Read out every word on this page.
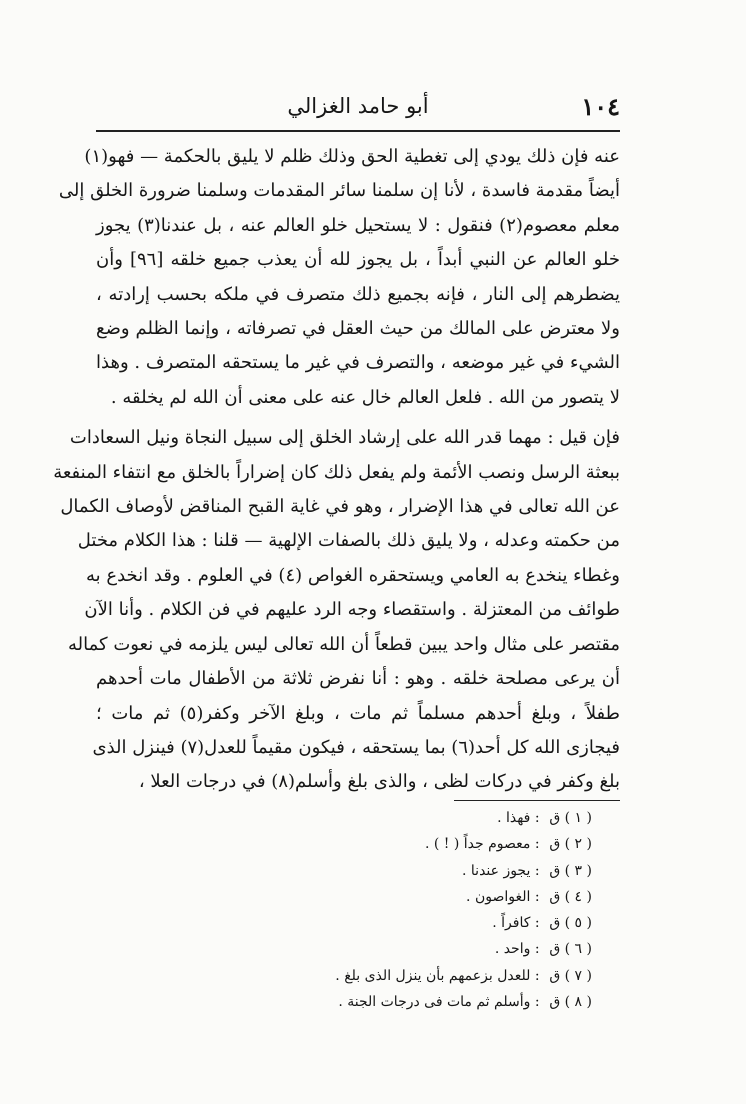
١٠٤
أبو حامد الغزالي

عنه فإن ذلك يودي إلى تغطية الحق وذلك ظلم لا يليق بالحكمة — فهو(١)
أيضاً مقدمة فاسدة ، لأنا إن سلمنا سائر المقدمات وسلمنا ضرورة الخلق إلى
معلم معصوم(٢) فنقول : لا يستحيل خلو العالم عنه ، بل عندنا(٣) يجوز
خلو العالم عن النبي أبداً ، بل يجوز لله أن يعذب جميع خلقه [٩٦] وأن
يضطرهم إلى النار ، فإنه بجميع ذلك متصرف في ملكه بحسب إرادته ،
ولا معترض على المالك من حيث العقل في تصرفاته ، وإنما الظلم وضع
الشيء في غير موضعه ، والتصرف في غير ما يستحقه المتصرف . وهذا
لا يتصور من الله . فلعل العالم خال عنه على معنى أن الله لم يخلقه .

فإن قيل : مهما قدر الله على إرشاد الخلق إلى سبيل النجاة ونيل السعادات
ببعثة الرسل ونصب الأئمة ولم يفعل ذلك كان إضراراً بالخلق مع انتفاء المنفعة
عن الله تعالى في هذا الإضرار ، وهو في غاية القبح المناقض لأوصاف الكمال
من حكمته وعدله ، ولا يليق ذلك بالصفات الإلهية — قلنا : هذا الكلام مختل
وغطاء ينخدع به العامي ويستحقره الغواص (٤) في العلوم . وقد انخدع به
طوائف من المعتزلة . واستقصاء وجه الرد عليهم في فن الكلام . وأنا الآن
مقتصر على مثال واحد يبين قطعاً أن الله تعالى ليس يلزمه في نعوت كماله
أن يرعى مصلحة خلقه . وهو : أنا نفرض ثلاثة من الأطفال مات أحدهم
طفلاً ، وبلغ أحدهم مسلماً ثم مات ، وبلغ الآخر وكفر(٥) ثم مات ؛
فيجازى الله كل أحد(٦) بما يستحقه ، فيكون مقيماً للعدل(٧) فينزل الذى
بلغ وكفر في دركات لظى ، والذى بلغ وأسلم(٨) في درجات العلا ،

( ١ ) ق : فهذا .
( ٢ ) ق : معصوم جداً ( ! ) .
( ٣ ) ق : يجوز عندنا .
( ٤ ) ق : الغواصون .
( ٥ ) ق : كافراً .
( ٦ ) ق : واحد .
( ٧ ) ق : للعدل بزعمهم بأن ينزل الذى بلغ .
( ٨ ) ق : وأسلم ثم مات فى درجات الجنة .
